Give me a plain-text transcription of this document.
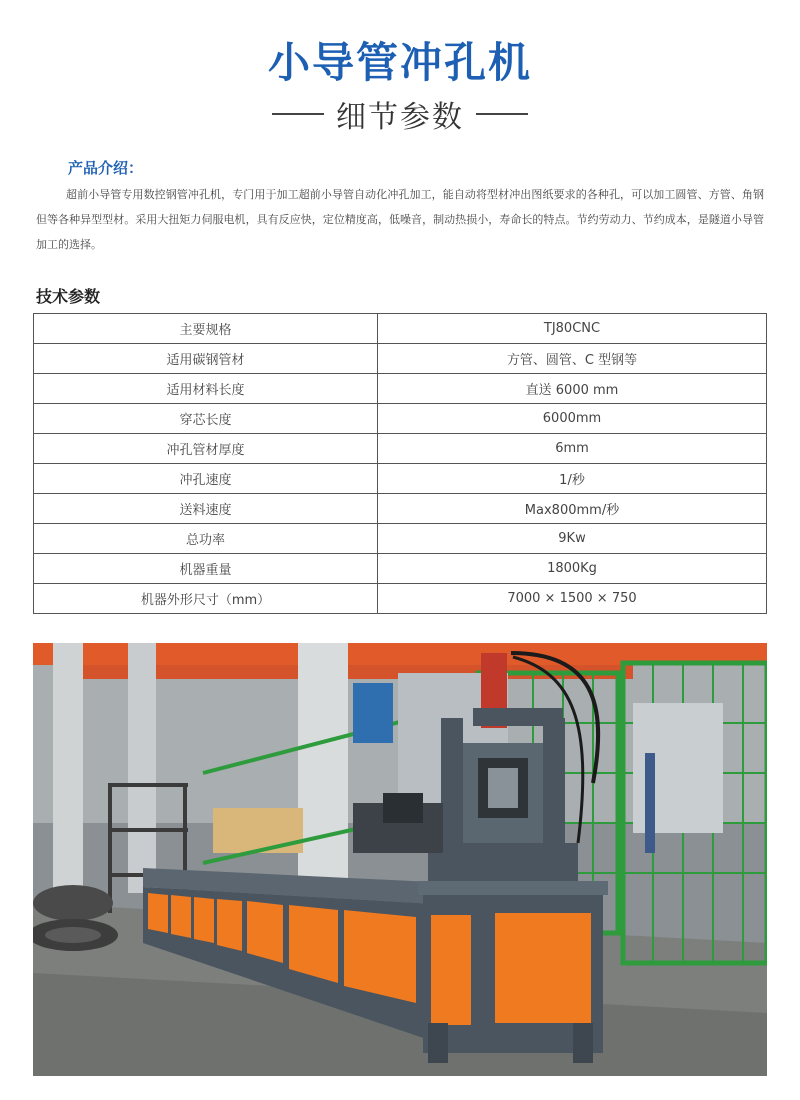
小导管冲孔机
细节参数
产品介绍：
超前小导管专用数控钢管冲孔机，专门用于加工超前小导管自动化冲孔加工，能自动将型材冲出图纸要求的各种孔，可以加工圆管、方管、角钢但等各种异型型材。采用大扭矩力伺服电机，具有反应快，定位精度高，低噪音，制动热损小，寿命长的特点。节约劳动力、节约成本，是隧道小导管加工的选择。
技术参数
主要规格	TJ80CNC
适用碳钢管材	方管、圆管、C 型钢等
适用材料长度	直送 6000 mm
穿芯长度	6000mm
冲孔管材厚度	6mm
冲孔速度	1/秒
送料速度	Max800mm/秒
总功率	9Kw
机器重量	1800Kg
机器外形尺寸（mm）	7000 × 1500 × 750
